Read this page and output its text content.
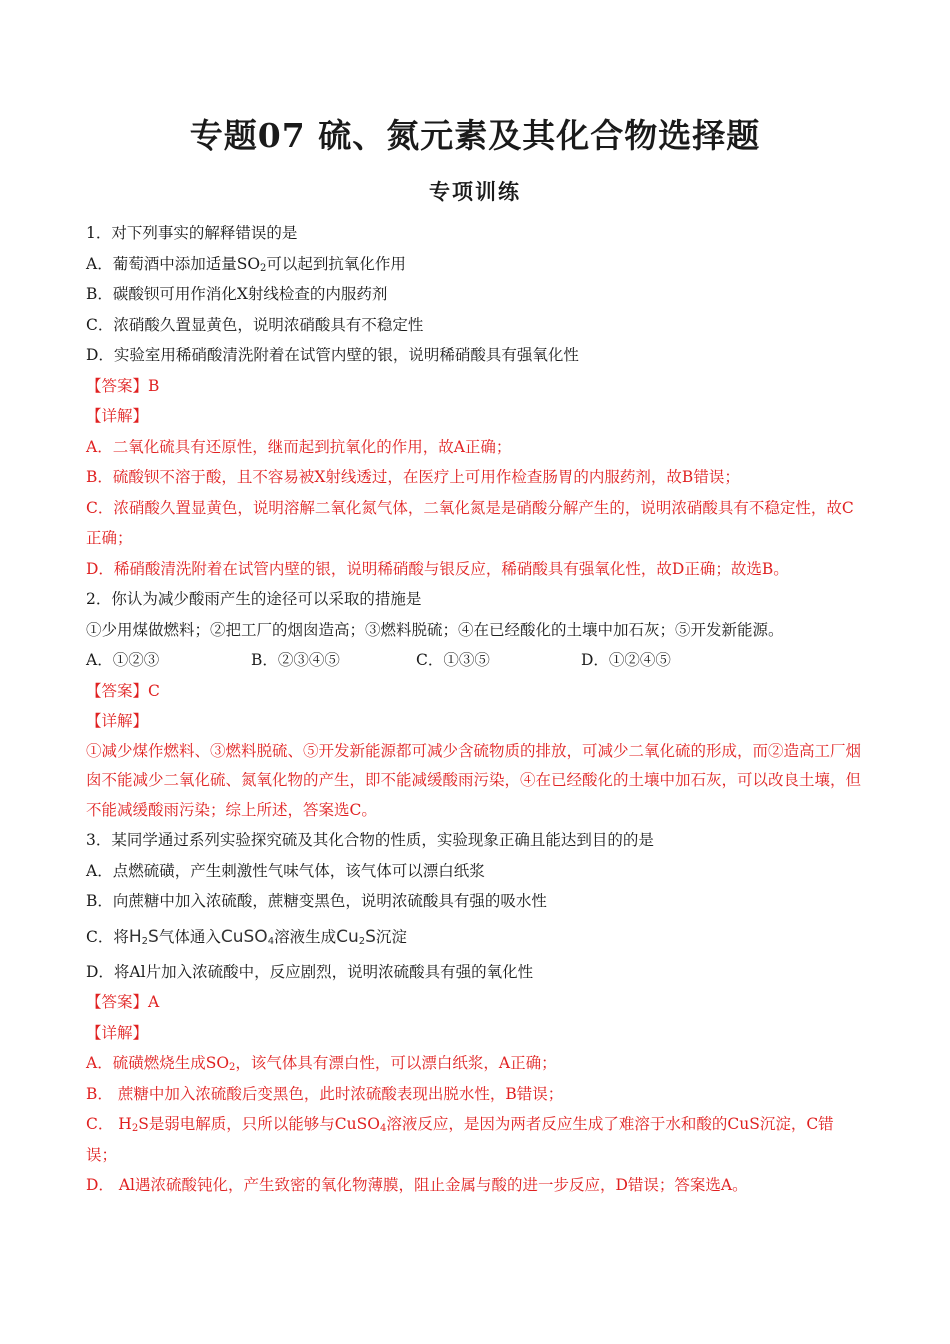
专题07 硫、氮元素及其化合物选择题
专项训练
1．对下列事实的解释错误的是
A．葡萄酒中添加适量$SO_2$可以起到抗氧化作用
B．碳酸钡可用作消化X射线检查的内服药剂
C．浓硝酸久置显黄色，说明浓硝酸具有不稳定性
D．实验室用稀硝酸清洗附着在试管内壁的银，说明稀硝酸具有强氧化性
【答案】B
【详解】
A．二氧化硫具有还原性，继而起到抗氧化的作用，故A正确；
B．硫酸钡不溶于酸，且不容易被X射线透过，在医疗上可用作检查肠胃的内服药剂，故B错误；
C．浓硝酸久置显黄色，说明溶解二氧化氮气体，二氧化氮是是硝酸分解产生的，说明浓硝酸具有不稳定性，故C正确；
D．稀硝酸清洗附着在试管内壁的银，说明稀硝酸与银反应，稀硝酸具有强氧化性，故D正确；故选B。
2．你认为减少酸雨产生的途径可以采取的措施是
①少用煤做燃料；②把工厂的烟囱造高；③燃料脱硫；④在已经酸化的土壤中加石灰；⑤开发新能源。
A．①②③	B．②③④⑤	C．①③⑤	D．①②④⑤
【答案】C
【详解】
①减少煤作燃料、③燃料脱硫、⑤开发新能源都可减少含硫物质的排放，可减少二氧化硫的形成，而②造高工厂烟囱不能减少二氧化硫、氮氧化物的产生，即不能减缓酸雨污染，④在已经酸化的土壤中加石灰，可以改良土壤，但不能减缓酸雨污染；综上所述，答案选C。
3．某同学通过系列实验探究硫及其化合物的性质，实验现象正确且能达到目的的是
A．点燃硫磺，产生刺激性气味气体，该气体可以漂白纸浆
B．向蔗糖中加入浓硫酸，蔗糖变黑色，说明浓硫酸具有强的吸水性
C．将$H_2S$气体通入CuSO$_4$溶液生成$Cu_2S$沉淀
D．将Al片加入浓硫酸中，反应剧烈，说明浓硫酸具有强的氧化性
【答案】A
【详解】
A．硫磺燃烧生成$SO_2$，该气体具有漂白性，可以漂白纸浆，A正确；
B． 蔗糖中加入浓硫酸后变黑色，此时浓硫酸表现出脱水性，B错误；
C． $H_2S$是弱电解质，只所以能够与CuSO$_4$溶液反应，是因为两者反应生成了难溶于水和酸的CuS沉淀，C错误；
D． Al遇浓硫酸钝化，产生致密的氧化物薄膜，阻止金属与酸的进一步反应，D错误；答案选A。
